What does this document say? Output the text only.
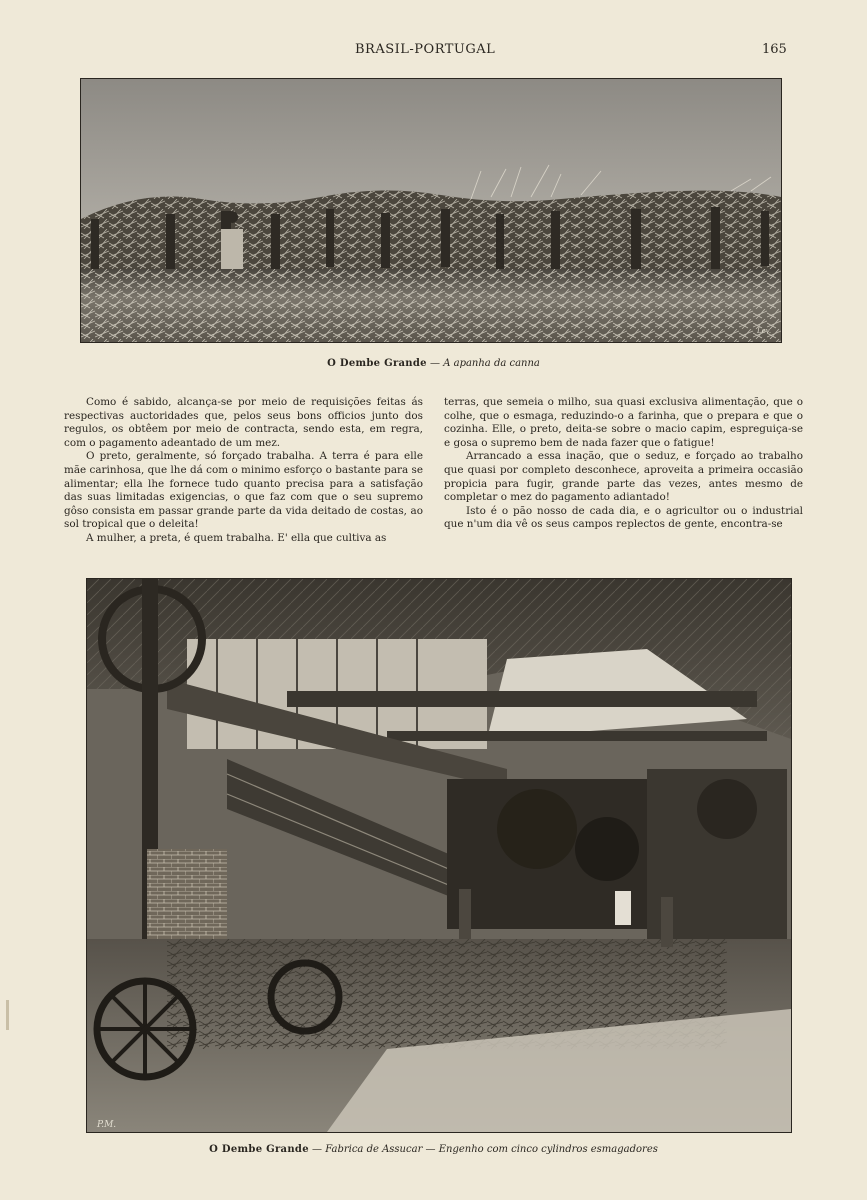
BRASIL-PORTUGAL	165
Lev.
O Dembe Grande — A apanha da canna

Como é sabido, alcança-se por meio de requisições feitas ás respectivas auctoridades que, pelos seus bons officios junto dos regulos, os obtêem por meio de contracta, sendo esta, em regra, com o pagamento adeantado de um mez.

O preto, geralmente, só forçado trabalha. A terra é para elle mãe carinhosa, que lhe dá com o minimo esforço o bastante para se alimentar; ella lhe fornece tudo quanto precisa para a satisfação das suas limitadas exigencias, o que faz com que o seu supremo gôso consista em passar grande parte da vida deitado de costas, ao sol tropical que o deleita!

A mulher, a preta, é quem trabalha. E' ella que cultiva as

terras, que semeia o milho, sua quasi exclusiva alimentação, que o colhe, que o esmaga, reduzindo-o a farinha, que o prepara e que o cozinha. Elle, o preto, deita-se sobre o macio capim, espreguiça-se e gosa o supremo bem de nada fazer que o fatigue!

Arrancado a essa inação, que o seduz, e forçado ao trabalho que quasi por completo desconhece, aproveita a primeira occasião propicia para fugir, grande parte das vezes, antes mesmo de completar o mez do pagamento adiantado!

Isto é o pão nosso de cada dia, e o agricultor ou o industrial que n'um dia vê os seus campos replectos de gente, encontra-se

P.M.
O Dembe Grande — Fabrica de Assucar — Engenho com cinco cylindros esmagadores
